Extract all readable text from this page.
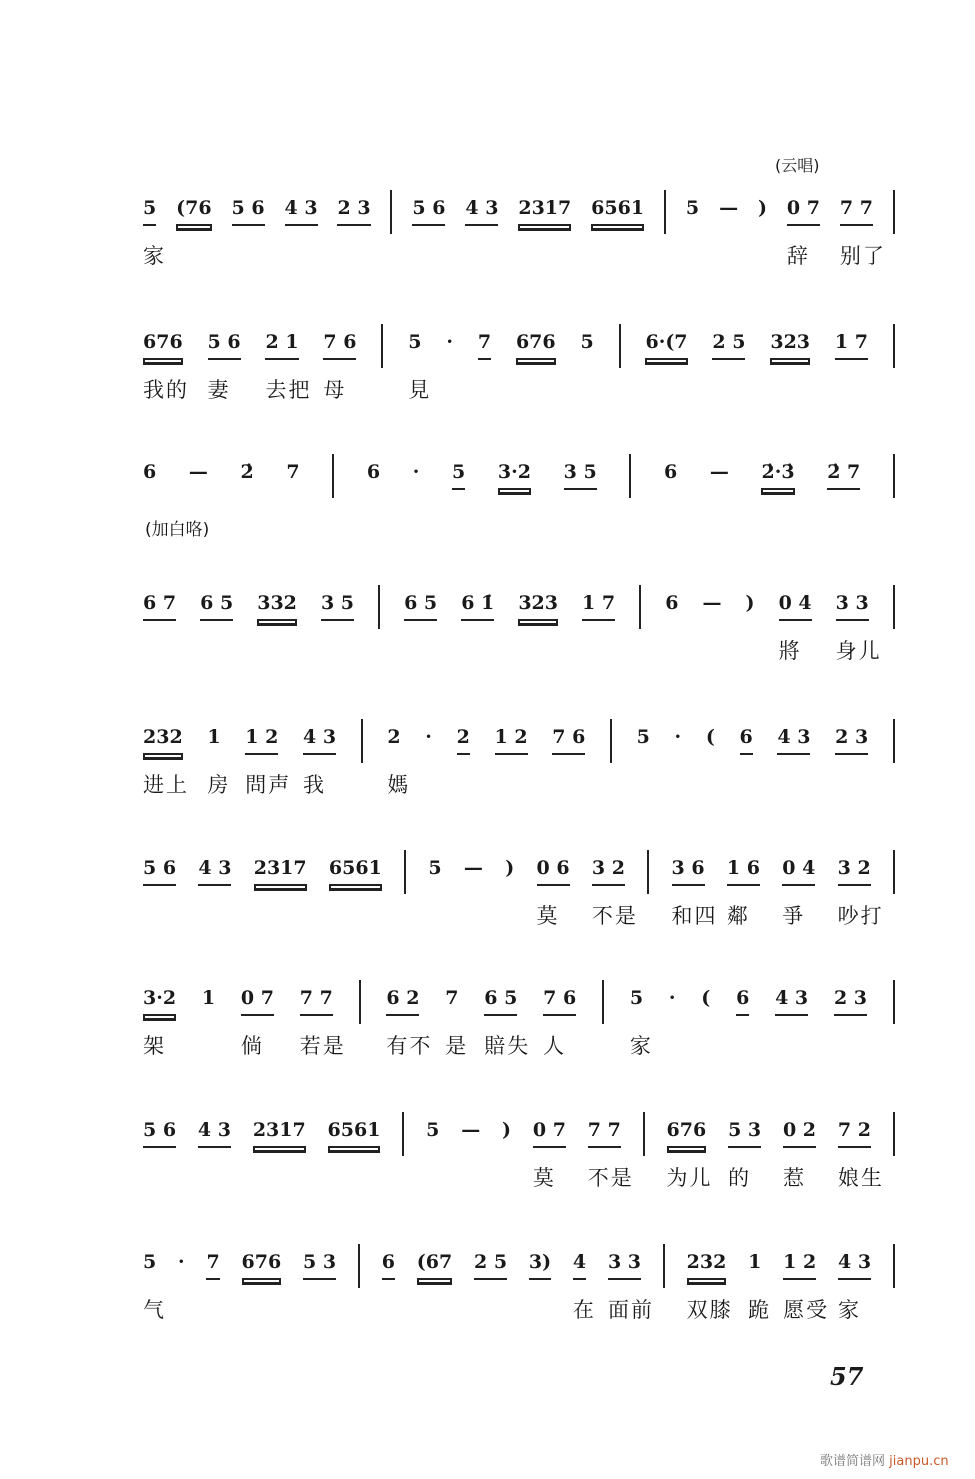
5
家
(76 5 6 4 3 2 3 5 6 4 3 2317 6561 5 — ) 0 7
辞
7 7
别了
676
我的
5 6
妻
2 1
去把
7 6
母
5
見
· 7 676 5	6·(7 2 5 323 1 7
6 — 2̇ 7	6 · 5 3·2 3 5	6 — 2̇·3̇ 2̇ 7
6 7 6 5 332 3 5	6 5 6 1̇ 323 1 7	6 — ) 0 4
將
3 3
身儿
232
进上
1
房
1 2
問声
4 3
我
2
媽
· 2 1 2 7 6	5 · ( 6 4 3 2 3
5 6 4 3 2317 6561 5 — ) 0 6
莫
3 2
不是
3 6
和四
1 6
鄰
0 4
爭
3 2
吵打
3·2
架
1 0 7
倘
7 7
若是
6 2
有不
7
是
6 5
賠失
7 6
人
5
家
· ( 6 4 3 2 3
5 6 4 3 2317 6561 5 — ) 0 7
莫
7 7
不是
676
为儿
5 3
的
0 2
惹
7 2
娘生
5
气
· 7 676 5 3 6 (67 2 5 3) 4
在
3 3
面前
232
双膝
1
跪
1 2
愿受
4 3
家
(云唱)
(加白咯)
57
歌谱简谱网 jianpu.cn
